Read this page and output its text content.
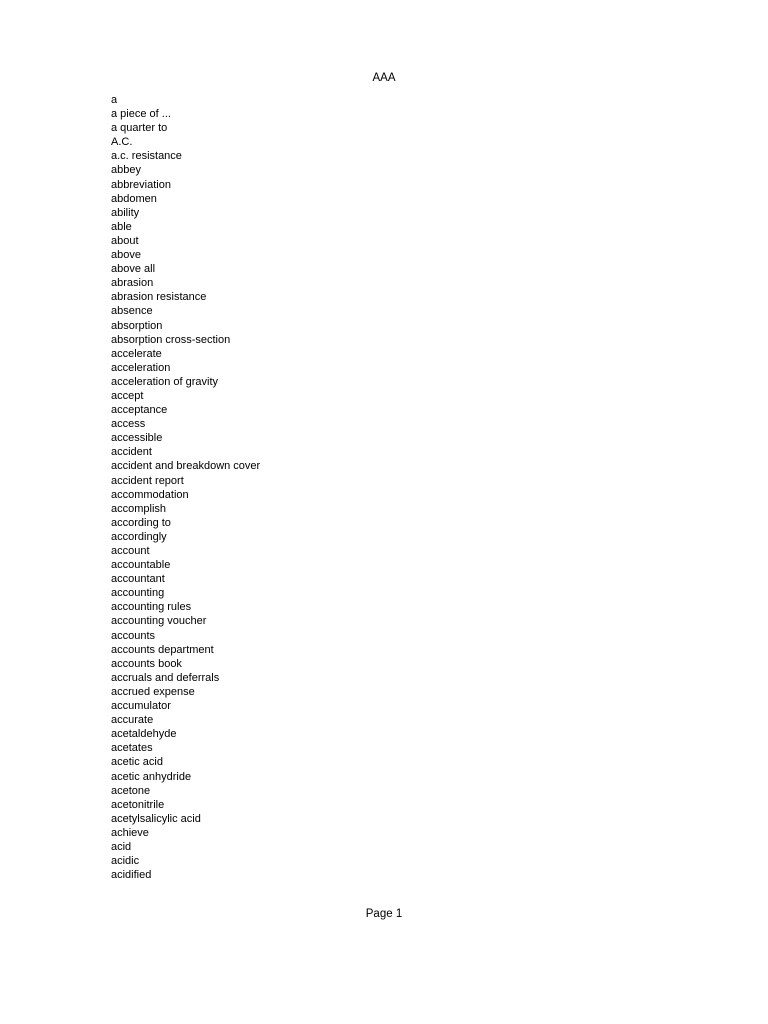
AAA
a
a piece of ...
a quarter to
A.C.
a.c. resistance
abbey
abbreviation
abdomen
ability
able
about
above
above all
abrasion
abrasion resistance
absence
absorption
absorption cross-section
accelerate
acceleration
acceleration of gravity
accept
acceptance
access
accessible
accident
accident and breakdown cover
accident report
accommodation
accomplish
according to
accordingly
account
accountable
accountant
accounting
accounting rules
accounting voucher
accounts
accounts department
accounts book
accruals and deferrals
accrued expense
accumulator
accurate
acetaldehyde
acetates
acetic acid
acetic anhydride
acetone
acetonitrile
acetylsalicylic acid
achieve
acid
acidic
acidified
Page 1
